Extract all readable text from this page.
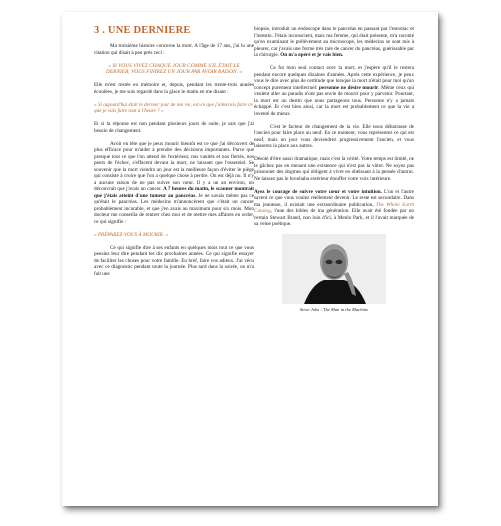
3 . UNE DERNIERE

Ma troisième histoire concerne la mort. A l'âge de 17 ans, j'ai lu une citation qui disait à peu près ceci :

« SI VOUS VIVEZ CHAQUE JOUR COMME S'IL ÉTAIT LE DERNIER, VOUS FINIREZ UN JOUR PAR AVOIR RAISON. »

Elle m'est restée en mémoire et, depuis, pendant les trente-trois années écoulées, je me suis regardé dans la glace le matin en me disant :

« Si aujourd'hui était le dernier jour de ma vie, est-ce que j'aimerais faire ce que je vais faire tout à l'heure ? »

Et si la réponse est non pendant plusieurs jours de suite, je sais que j'ai besoin de changement.

Avoir en tête que je peux mourir bientôt est ce que j'ai découvert de plus efficace pour m'aider à prendre des décisions importantes. Parce que presque tout ce que l'on attend de l'extérieur, nos vanités et nos fiertés, nos peurs de l'échec, s'effacent devant la mort, ne laissant que l'essentiel. Se souvenir que la mort viendra un jour est la meilleure façon d'éviter le piège qui consiste à croire que l'on a quelque chose à perdre. On est déjà nu. Il n'y a aucune raison de ne pas suivre son cœur. Il y a un an environ, on découvrait que j'avais un cancer. A 7 heures du matin, le scanner montrait que j'étais atteint d'une tumeur au pancréas. Je ne savais même pas ce qu'était le pancréas. Les médecins m'annoncèrent que c'était un cancer probablement incurable, et que j'en avais au maximum pour six mois. Mon docteur me conseilla de rentrer chez moi et de mettre mes affaires en ordre, ce qui signifie :

« PRÉPAREZ-VOUS À MOURIR. »

Ce qui signifie dire à ses enfants en quelques mois tout ce que vous pensiez leur dire pendant les dix prochaines années. Ce qui signifie essayer de faciliter les choses pour votre famille. En bref, faire vos adieux. J'ai vécu avec ce diagnostic pendant toute la journée. Plus tard dans la soirée, on m'a fait une

biopsie, introduit un endoscope dans le pancréas en passant par l'estomac et l'intestin. J'étais inconscient, mais ma femme, qui était présente, m'a raconté qu'en examinant le prélèvement au microscope, les médecins se sont mis à pleurer, car j'avais une forme très rare de cancer du pancréas, guérissable par la chirurgie. On m'a opéré et je vais bien.

Ce fut mon seul contact avec la mort, et j'espère qu'il le restera pendant encore quelques dizaines d'années. Après cette expérience, je peux vous le dire avec plus de certitude que lorsque la mort n'était pour moi qu'un concept purement intellectuel: personne ne désire mourir. Même ceux qui veulent aller au paradis n'ont pas envie de mourir pour y parvenir. Pourtant, la mort est un destin que nous partageons tous. Personne n'y a jamais échappé. Et c'est bien ainsi, car la mort est probablement ce que la vie a inventé de mieux.

C'est le facteur de changement de la vie. Elle nous débarrasse de l'ancien pour faire place au neuf. En ce moment, vous représentez ce qui est neuf, mais un jour vous deviendrez progressivement l'ancien, et vous laisserez la place aux autres.

Désolé d'être aussi dramatique, mais c'est la vérité. Votre temps est limité, ne le gâchez pas en menant une existence qui n'est pas la vôtre. Ne soyez pas prisonnier des dogmes qui obligent à vivre en obéissant à la pensée d'autrui. Ne laissez pas le brouhaha extérieur étouffer votre voix intérieure.

Ayez le courage de suivre votre cœur et votre intuition. L'un et l'autre savent ce que vous voulez réellement devenir. Le reste est secondaire. Dans ma jeunesse, il existait une extraordinaire publication, The Whole Earth Catalog, l'une des bibles de ma génération. Elle avait été fondée par un certain Stewart Brand, non loin d'ici, à Menlo Park, et il l'avait marquée de sa veine poétique.

Steve Jobs : The Man in the Machine
